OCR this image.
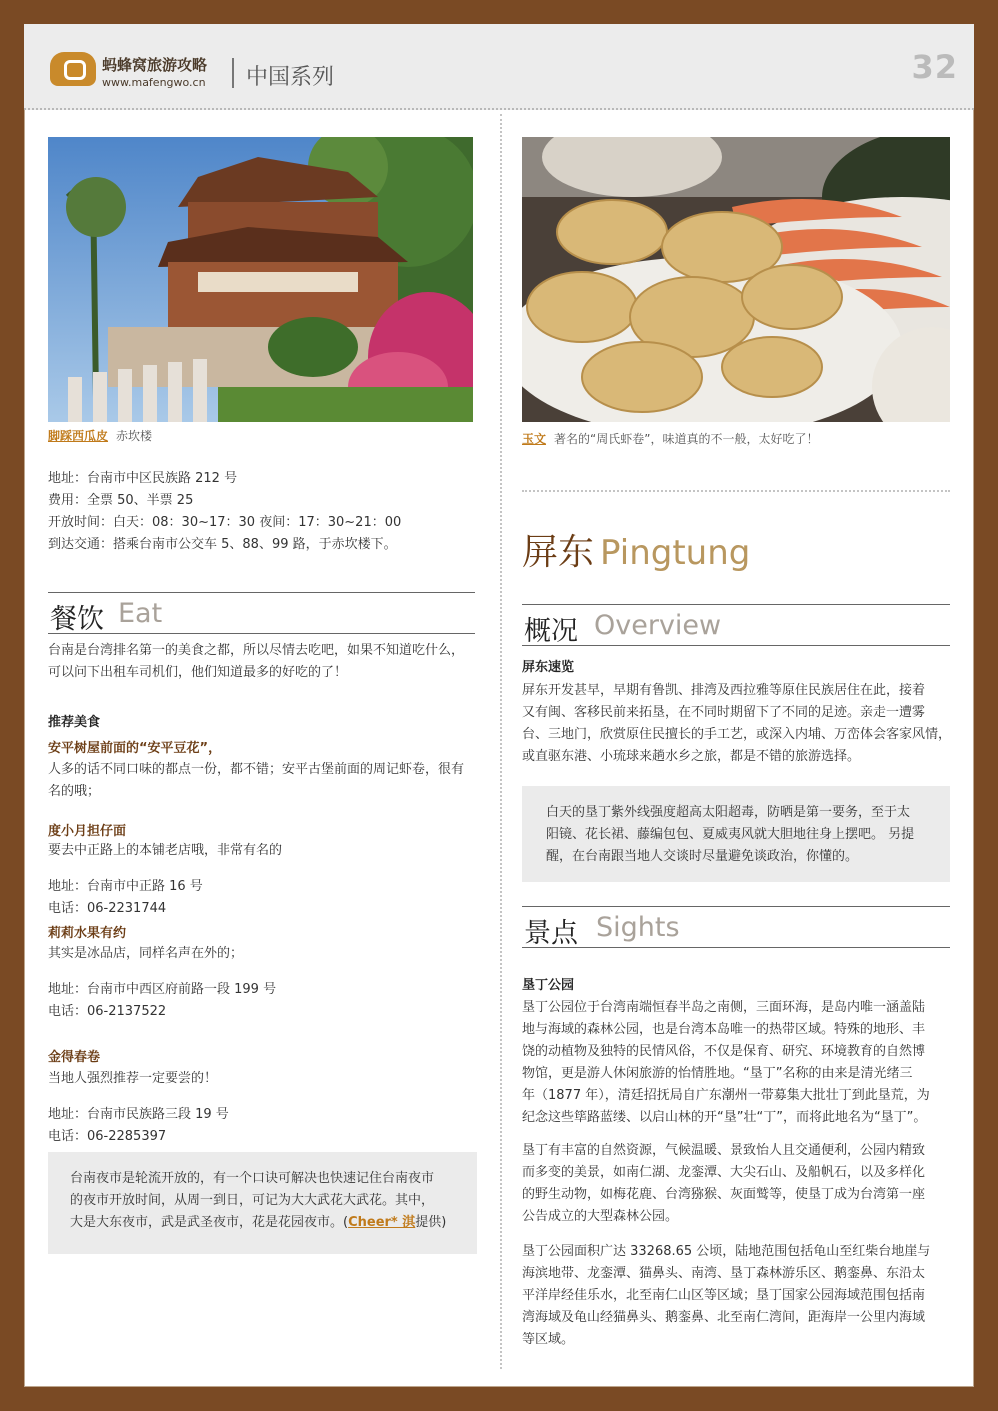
蚂蜂窝旅游攻略
www.mafengwo.cn 中国系列	32
脚踩西瓜皮 赤坎楼
地址：台南市中区民族路 212 号
费用：全票 50、半票 25
开放时间：白天：08：30~17：30 夜间：17：30~21：00
到达交通：搭乘台南市公交车 5、88、99 路，于赤坎楼下。
餐饮 Eat
台南是台湾排名第一的美食之都，所以尽情去吃吧，如果不知道吃什么，
可以问下出租车司机们，他们知道最多的好吃的了！
推荐美食
安平树屋前面的“安平豆花”，
人多的话不同口味的都点一份，都不错；安平古堡前面的周记虾卷，很有
名的哦；
度小月担仔面
要去中正路上的本铺老店哦，非常有名的
地址：台南市中正路 16 号
电话：06-2231744
莉莉水果有约
其实是冰品店，同样名声在外的；
地址：台南市中西区府前路一段 199 号
电话：06-2137522
金得春卷
当地人强烈推荐一定要尝的！
地址：台南市民族路三段 19 号
电话：06-2285397
台南夜市是轮流开放的，有一个口诀可解决也快速记住台南夜市
的夜市开放时间，从周一到日，可记为大大武花大武花。其中，
大是大东夜市，武是武圣夜市，花是花园夜市。(Cheer* 淇提供)
玉文 著名的“周氏虾卷”，味道真的不一般，太好吃了！
屏东 Pingtung
概况 Overview
屏东速览
屏东开发甚早，早期有鲁凯、排湾及西拉雅等原住民族居住在此，接着
又有闽、客移民前来拓垦，在不同时期留下了不同的足迹。亲走一遭雾
台、三地门，欣赏原住民擅长的手工艺，或深入内埔、万峦体会客家风情，
或直驱东港、小琉球来趟水乡之旅，都是不错的旅游选择。
白天的垦丁紫外线强度超高太阳超毒，防晒是第一要务，至于太
阳镜、花长裙、藤编包包、夏威夷风就大胆地往身上摆吧。 另提
醒，在台南跟当地人交谈时尽量避免谈政治，你懂的。
景点 Sights
垦丁公园
垦丁公园位于台湾南端恒春半岛之南侧，三面环海，是岛内唯一涵盖陆
地与海域的森林公园，也是台湾本岛唯一的热带区域。特殊的地形、丰
饶的动植物及独特的民情风俗，不仅是保育、研究、环境教育的自然博
物馆，更是游人休闲旅游的怡情胜地。“垦丁”名称的由来是清光绪三
年（1877 年），清廷招抚局自广东潮州一带募集大批壮丁到此垦荒，为
纪念这些筚路蓝缕、以启山林的开“垦”壮“丁”，而将此地名为“垦丁”。
垦丁有丰富的自然资源，气候温暖、景致怡人且交通便利，公园内精致
而多变的美景，如南仁湖、龙銮潭、大尖石山、及船帆石，以及多样化
的野生动物，如梅花鹿、台湾猕猴、灰面鹫等，使垦丁成为台湾第一座
公告成立的大型森林公园。
垦丁公园面积广达 33268.65 公顷，陆地范围包括龟山至红柴台地崖与
海滨地带、龙銮潭、猫鼻头、南湾、垦丁森林游乐区、鹅銮鼻、东沿太
平洋岸经佳乐水，北至南仁山区等区域；垦丁国家公园海域范围包括南
湾海域及龟山经猫鼻头、鹅銮鼻、北至南仁湾间，距海岸一公里内海域
等区域。
